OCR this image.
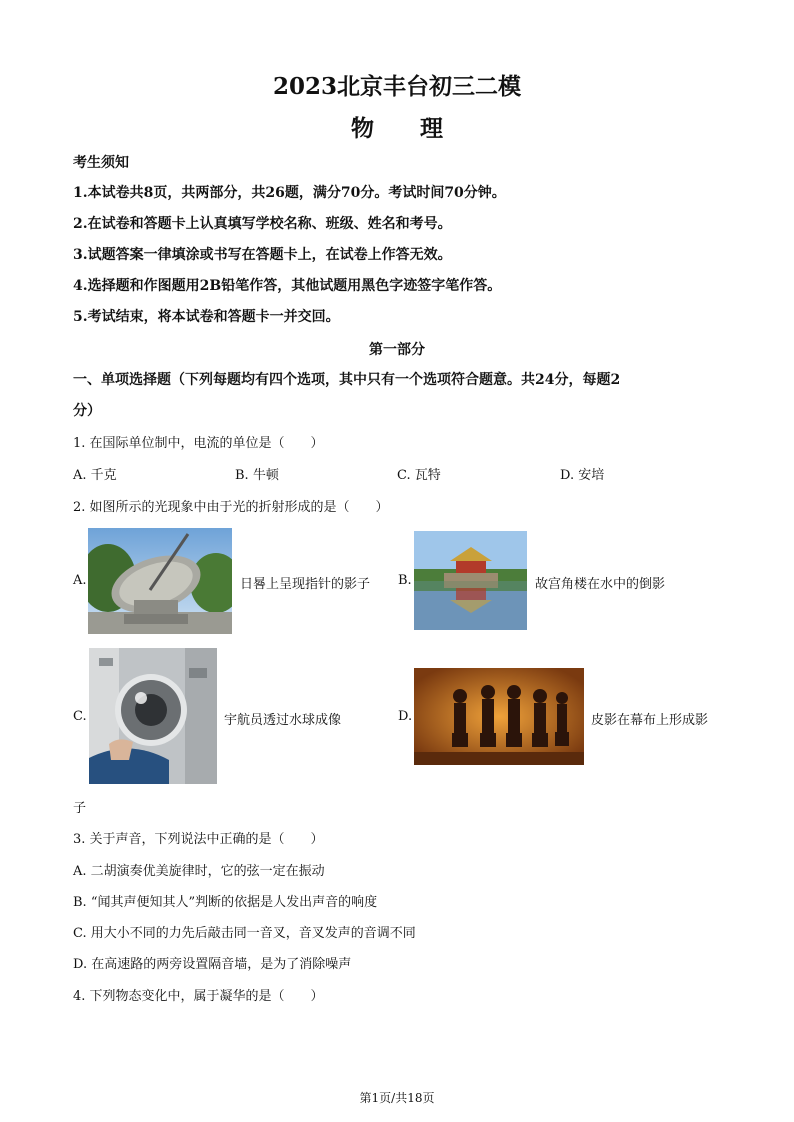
2023北京丰台初三二模
物　　理
考生须知
1.本试卷共8页，共两部分，共26题，满分70分。考试时间70分钟。
2.在试卷和答题卡上认真填写学校名称、班级、姓名和考号。
3.试题答案一律填涂或书写在答题卡上，在试卷上作答无效。
4.选择题和作图题用2B铅笔作答，其他试题用黑色字迹签字笔作答。
5.考试结束，将本试卷和答题卡一并交回。
第一部分
一、单项选择题（下列每题均有四个选项，其中只有一个选项符合题意。共24分，每题2
分）
1. 在国际单位制中，电流的单位是（　　）
A. 千克	B. 牛顿	C. 瓦特	D. 安培
2. 如图所示的光现象中由于光的折射形成的是（　　）
A.	日晷上呈现指针的影子 B.	故宫角楼在水中的倒影
C.	宇航员透过水球成像	D.	皮影在幕布上形成影
子
3. 关于声音，下列说法中正确的是（　　）
A. 二胡演奏优美旋律时，它的弦一定在振动
B. “闻其声便知其人”判断的依据是人发出声音的响度
C. 用大小不同的力先后敲击同一音叉，音叉发声的音调不同
D. 在高速路的两旁设置隔音墙，是为了消除噪声
4. 下列物态变化中，属于凝华的是（　　）
第1页/共18页
